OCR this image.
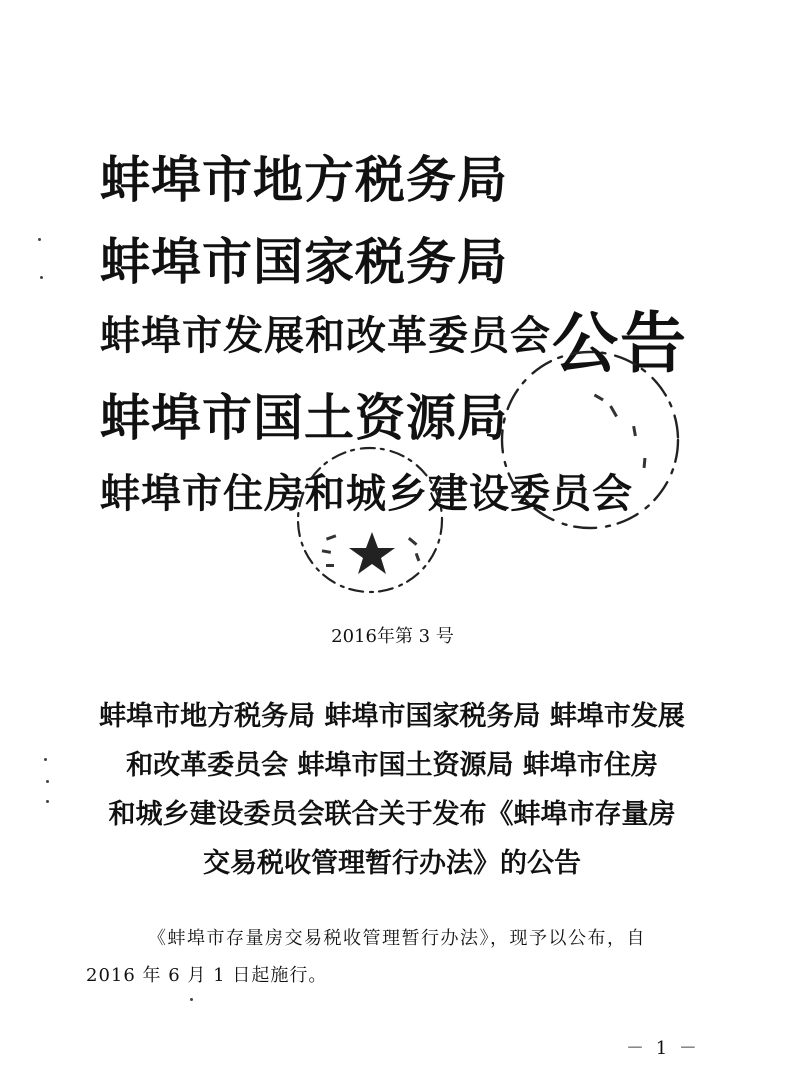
蚌埠市地方税务局
蚌埠市国家税务局
蚌埠市发展和改革委员会
蚌埠市国土资源局
蚌埠市住房和城乡建设委员会
公告
2016年第 3 号
蚌埠市地方税务局 蚌埠市国家税务局 蚌埠市发展
和改革委员会 蚌埠市国土资源局 蚌埠市住房
和城乡建设委员会联合关于发布《蚌埠市存量房
交易税收管理暂行办法》的公告
《蚌埠市存量房交易税收管理暂行办法》，现予以公布，自
2016 年 6 月 1 日起施行。
－ 1 －
